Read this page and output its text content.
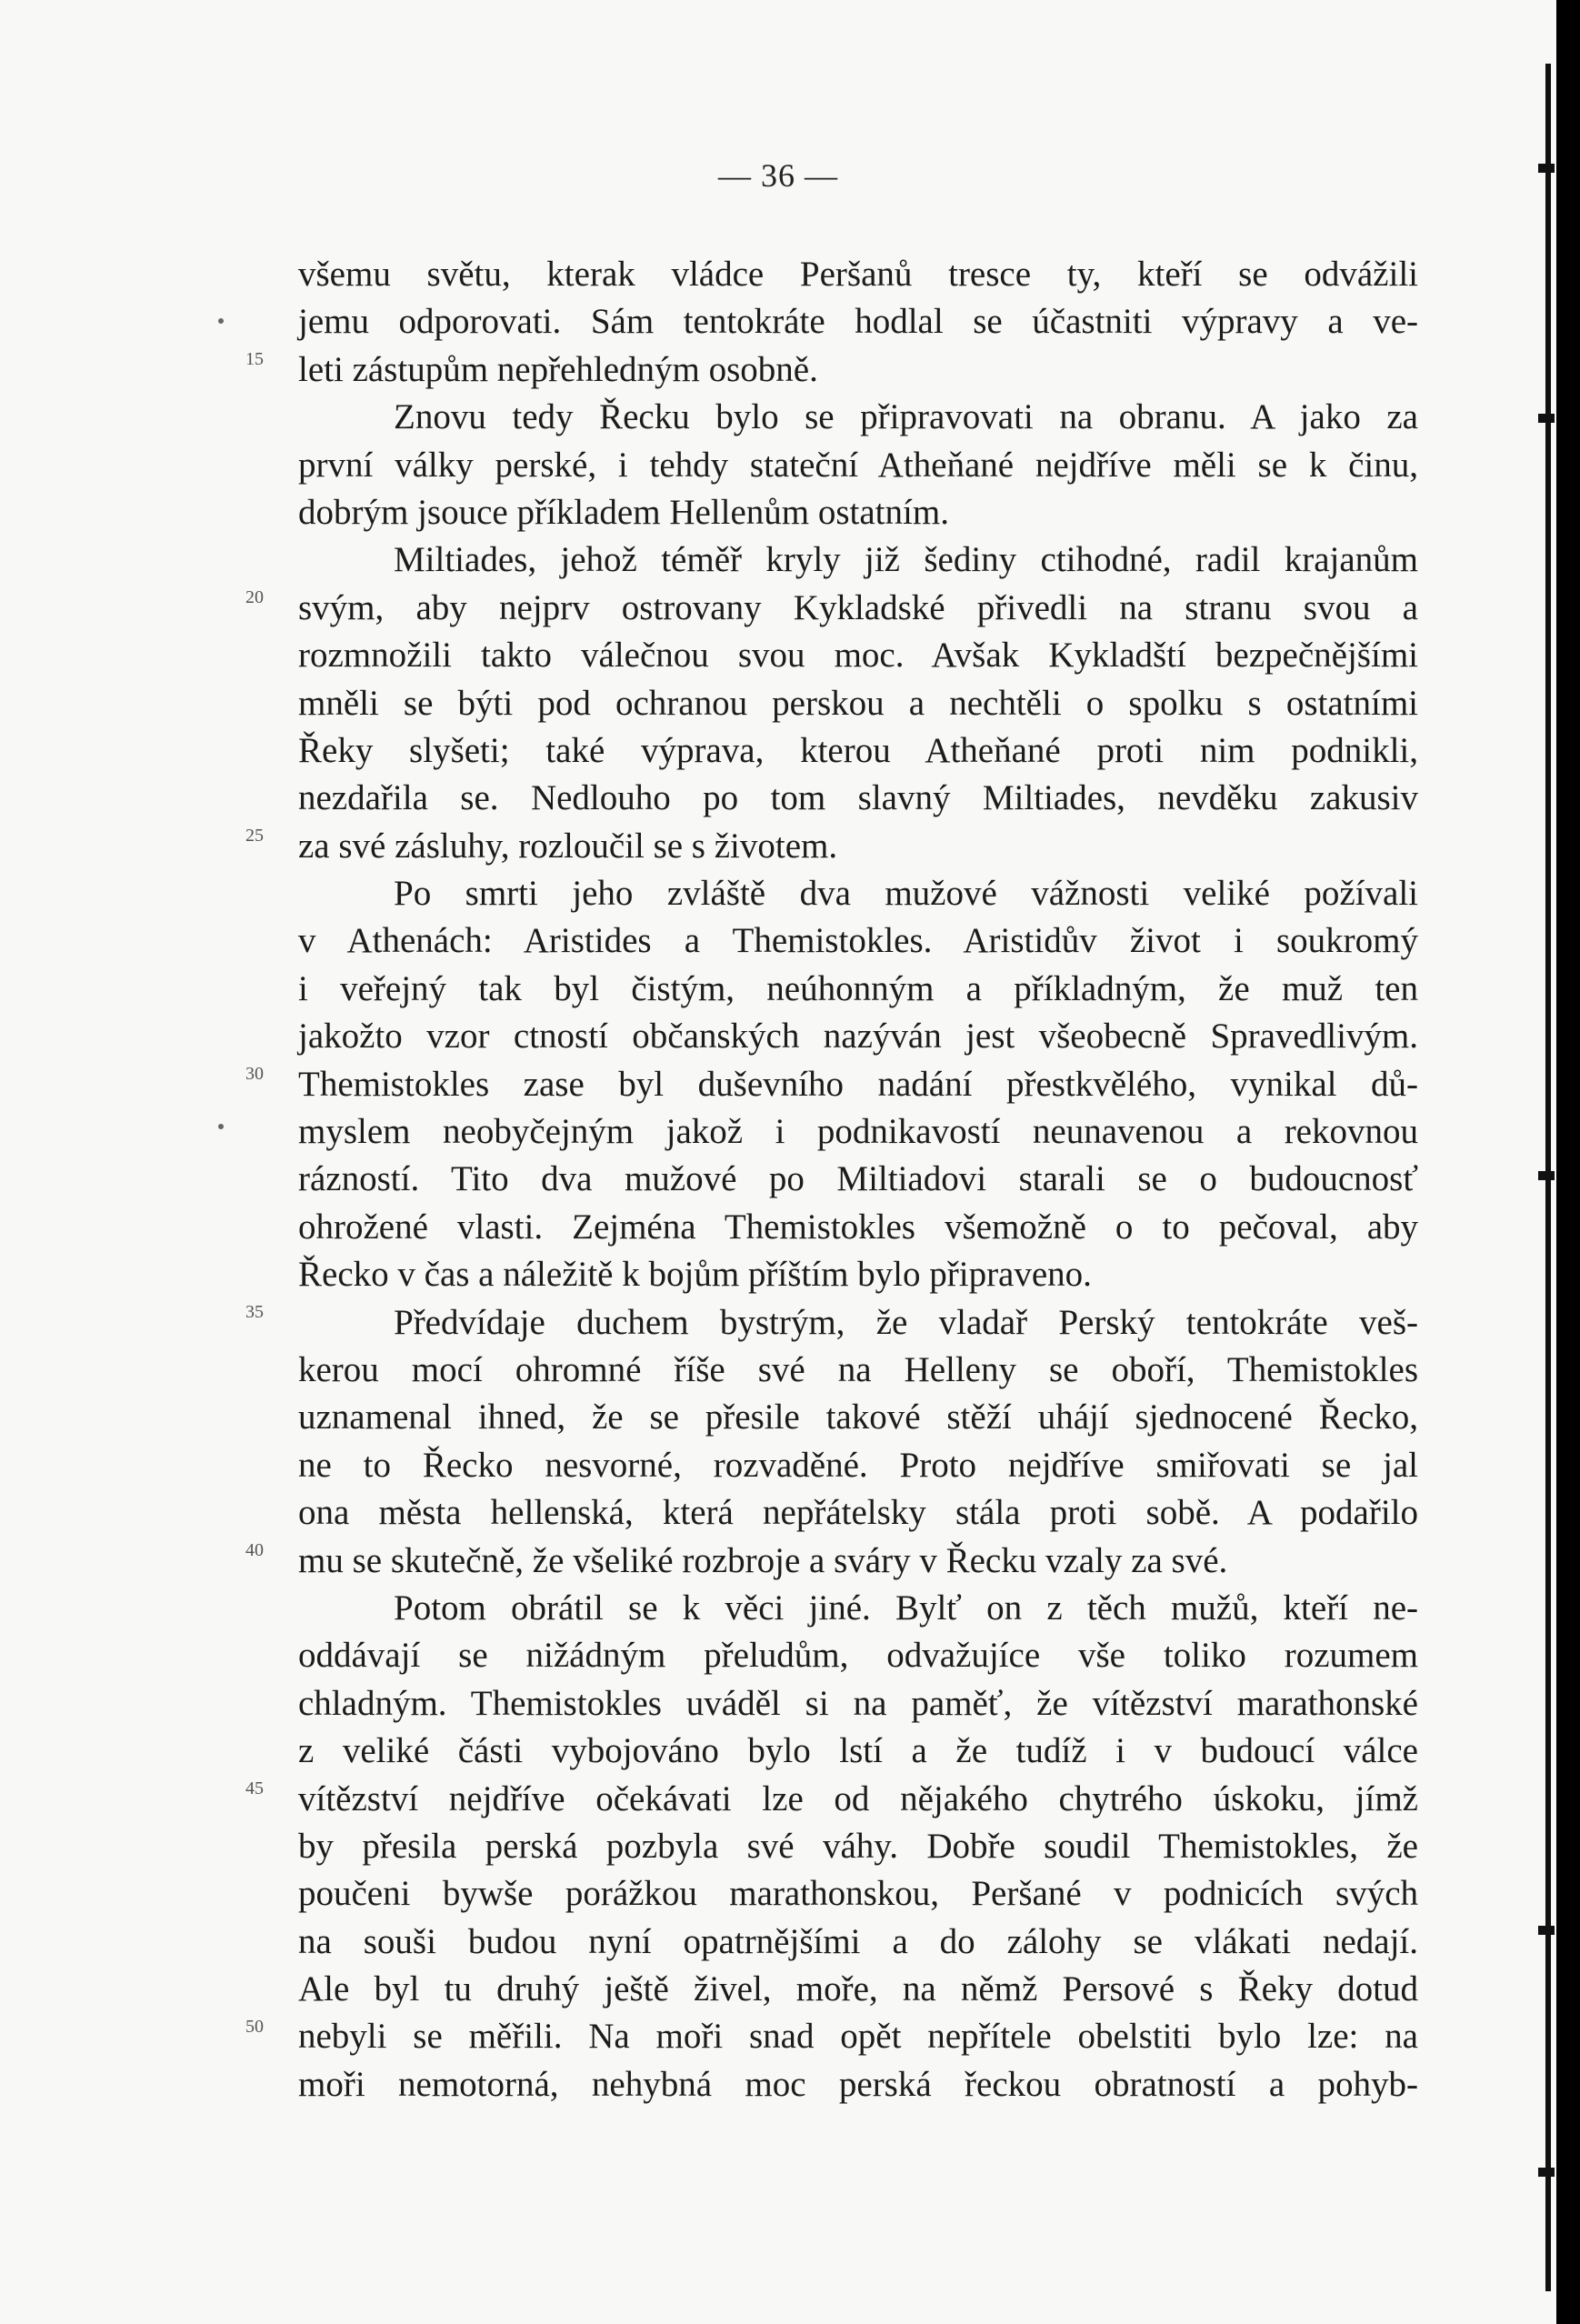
— 36 —
15
20
25
30
35
40
45
50
všemu světu, kterak vládce Peršanů tresce ty, kteří se odvážili
jemu odporovati. Sám tentokráte hodlal se účastniti výpravy a ve-
leti zástupům nepřehledným osobně.
Znovu tedy Řecku bylo se připravovati na obranu. A jako za
první války perské, i tehdy stateční Atheňané nejdříve měli se k činu,
dobrým jsouce příkladem Hellenům ostatním.
Miltiades, jehož téměř kryly již šediny ctihodné, radil krajanům
svým, aby nejprv ostrovany Kykladské přivedli na stranu svou a
rozmnožili takto válečnou svou moc. Avšak Kykladští bezpečnějšími
mněli se býti pod ochranou perskou a nechtěli o spolku s ostatními
Řeky slyšeti; také výprava, kterou Atheňané proti nim podnikli,
nezdařila se. Nedlouho po tom slavný Miltiades, nevděku zakusiv
za své zásluhy, rozloučil se s životem.
Po smrti jeho zvláště dva mužové vážnosti veliké požívali
v Athenách: Aristides a Themistokles. Aristidův život i soukromý
i veřejný tak byl čistým, neúhonným a příkladným, že muž ten
jakožto vzor ctností občanských nazýván jest všeobecně Spravedlivým.
Themistokles zase byl duševního nadání přestkvělého, vynikal dů-
myslem neobyčejným jakož i podnikavostí neunavenou a rekovnou
rázností. Tito dva mužové po Miltiadovi starali se o budoucnosť
ohrožené vlasti. Zejména Themistokles všemožně o to pečoval, aby
Řecko v čas a náležitě k bojům příštím bylo připraveno.
Předvídaje duchem bystrým, že vladař Perský tentokráte veš-
kerou mocí ohromné říše své na Helleny se oboří, Themistokles
uznamenal ihned, že se přesile takové stěží uhájí sjednocené Řecko,
ne to Řecko nesvorné, rozvaděné. Proto nejdříve smiřovati se jal
ona města hellenská, která nepřátelsky stála proti sobě. A podařilo
mu se skutečně, že všeliké rozbroje a sváry v Řecku vzaly za své.
Potom obrátil se k věci jiné. Bylť on z těch mužů, kteří ne-
oddávají se nižádným přeludům, odvažujíce vše toliko rozumem
chladným. Themistokles uváděl si na paměť, že vítězství marathonské
z veliké části vybojováno bylo lstí a že tudíž i v budoucí válce
vítězství nejdříve očekávati lze od nějakého chytrého úskoku, jímž
by přesila perská pozbyla své váhy. Dobře soudil Themistokles, že
poučeni bywše porážkou marathonskou, Peršané v podnicích svých
na souši budou nyní opatrnějšími a do zálohy se vlákati nedají.
Ale byl tu druhý ještě živel, moře, na němž Persové s Řeky dotud
nebyli se měřili. Na moři snad opět nepřítele obelstiti bylo lze: na
moři nemotorná, nehybná moc perská řeckou obratností a pohyb-
